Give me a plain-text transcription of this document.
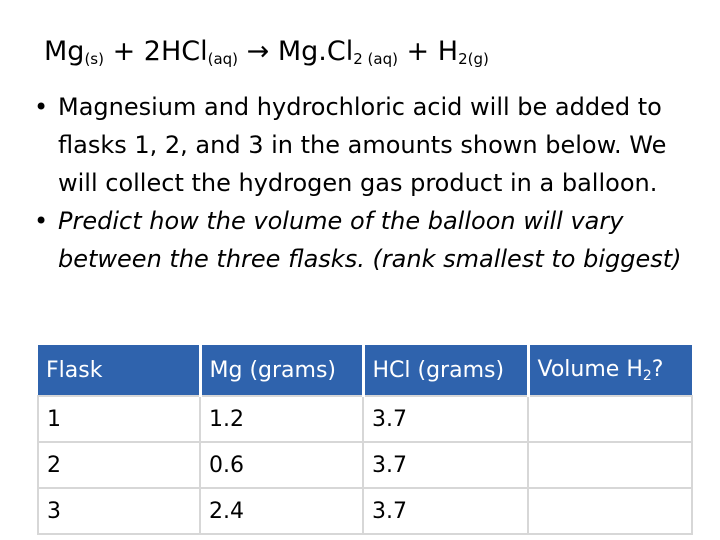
$Mg_{(s)} + 2HCl_{(aq)} \to Mg.Cl_{2 (aq)} + H_{2(g)}$
• Magnesium and hydrochloric acid will be added to flasks 1, 2, and 3 in the amounts shown below. We will collect the hydrogen gas product in a balloon.
• Predict how the volume of the balloon will vary between the three flasks. (rank smallest to biggest)
Flask	Mg (grams)	HCl (grams)	Volume $H_2$?
1	1.2	3.7	
2	0.6	3.7	
3	2.4	3.7	
